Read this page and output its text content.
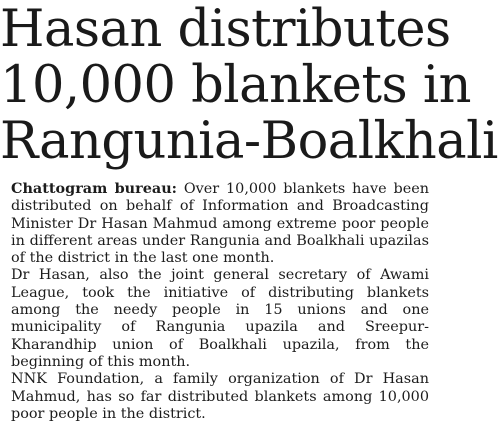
Hasan distributes
10,000 blankets in
Rangunia-Boalkhali

Chattogram bureau: Over 10,000 blankets have been distributed on behalf of Information and Broadcasting Minister Dr Hasan Mahmud among extreme poor people in different areas under Rangunia and Boalkhali upazilas of the district in the last one month.

Dr Hasan, also the joint general secretary of Awami League, took the initiative of distributing blankets among the needy people in 15 unions and one municipality of Rangunia upazila and Sreepur-Kharandhip union of Boalkhali upazila, from the beginning of this month.

NNK Foundation, a family organization of Dr Hasan Mahmud, has so far distributed blankets among 10,000 poor people in the district.
